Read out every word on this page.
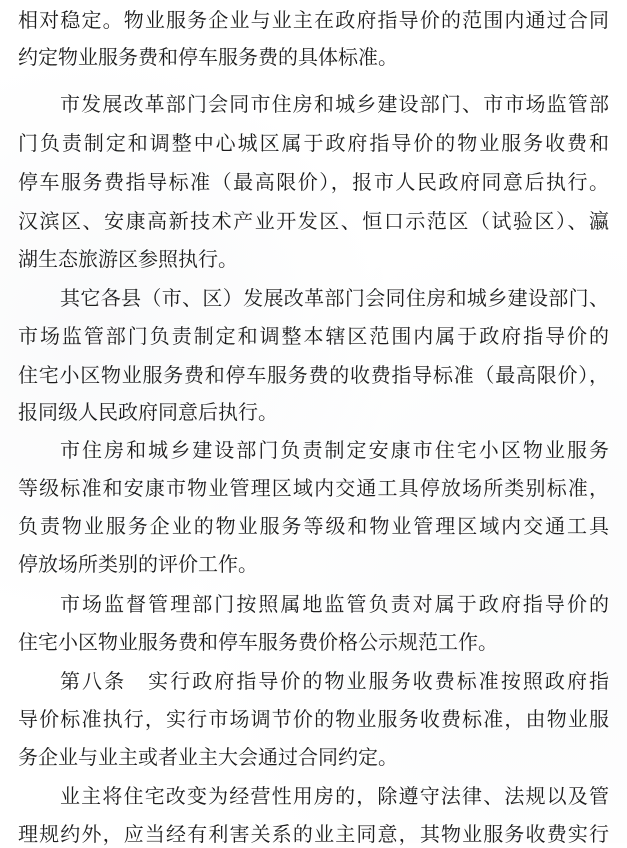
相对稳定。物业服务企业与业主在政府指导价的范围内通过合同
约定物业服务费和停车服务费的具体标准。
市发展改革部门会同市住房和城乡建设部门、市市场监管部
门负责制定和调整中心城区属于政府指导价的物业服务收费和
停车服务费指导标准（最高限价），报市人民政府同意后执行。
汉滨区、安康高新技术产业开发区、恒口示范区（试验区）、瀛
湖生态旅游区参照执行。
其它各县（市、区）发展改革部门会同住房和城乡建设部门、
市场监管部门负责制定和调整本辖区范围内属于政府指导价的
住宅小区物业服务费和停车服务费的收费指导标准（最高限价），
报同级人民政府同意后执行。
市住房和城乡建设部门负责制定安康市住宅小区物业服务
等级标准和安康市物业管理区域内交通工具停放场所类别标准，
负责物业服务企业的物业服务等级和物业管理区域内交通工具
停放场所类别的评价工作。
市场监督管理部门按照属地监管负责对属于政府指导价的
住宅小区物业服务费和停车服务费价格公示规范工作。
第八条　实行政府指导价的物业服务收费标准按照政府指
导价标准执行，实行市场调节价的物业服务收费标准，由物业服
务企业与业主或者业主大会通过合同约定。
业主将住宅改变为经营性用房的，除遵守法律、法规以及管
理规约外，应当经有利害关系的业主同意，其物业服务收费实行
